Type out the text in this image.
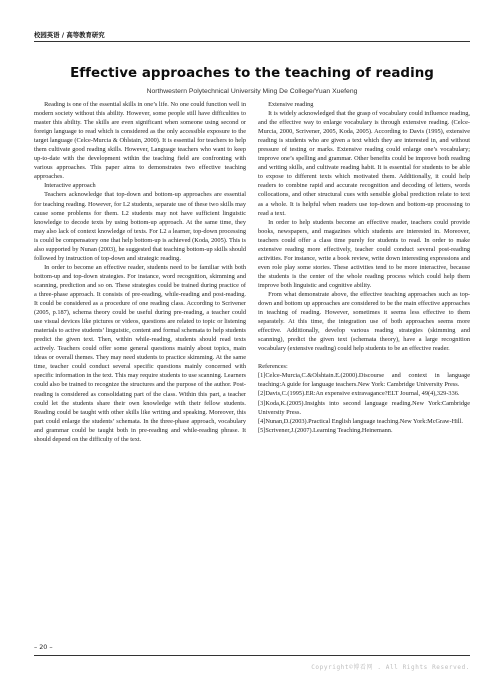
校园英语 / 高等教育研究
Effective approaches to the teaching of reading
Northwestern Polytechnical University Ming De College/Yuan Xuefeng

Reading is one of the essential skills in one’s life. No one could function well in modern society without this ability. However, some people still have difficulties to master this ability. The skills are even significant when someone using second or foreign language to read which is considered as the only accessible exposure to the target language (Celce-Murcia & Ohlstain, 2000). It is essential for teachers to help them cultivate good reading skills. However, Language teachers who want to keep up-to-date with the development within the teaching field are confronting with various approaches. This paper aims to demonstrates two effective teaching approaches.

Interactive approach

Teachers acknowledge that top-down and bottom-up approaches are essential for teaching reading. However, for L2 students, separate use of these two skills may cause some problems for them. L2 students may not have sufficient linguistic knowledge to decode texts by using bottom-up approach. At the same time, they may also lack of context knowledge of texts. For L2 a learner, top-down processing is could be compensatory one that help bottom-up is achieved (Koda, 2005). This is also supported by Nunan (2003), he suggested that teaching bottom-up skills should followed by instruction of top-down and strategic reading.

In order to become an effective reader, students need to be familiar with both bottom-up and top-down strategies. For instance, word recognition, skimming and scanning, prediction and so on. These strategies could be trained during practice of a three-phase approach. It consists of pre-reading, while-reading and post-reading. It could be considered as a procedure of one reading class. According to Scrivener (2005, p.187), schema theory could be useful during pre-reading, a teacher could use visual devices like pictures or videos, questions are related to topic or listening materials to active students’ linguistic, content and formal schemata to help students predict the given text. Then, within while-reading, students should read texts actively. Teachers could offer some general questions mainly about topics, main ideas or overall themes. They may need students to practice skimming. At the same time, teacher could conduct several specific questions mainly concerned with specific information in the text. This may require students to use scanning. Learners could also be trained to recognize the structures and the purpose of the author. Post-reading is considered as consolidating part of the class. Within this part, a teacher could let the students share their own knowledge with their fellow students. Reading could be taught with other skills like writing and speaking. Moreover, this part could enlarge the students’ schemata. In the three-phase approach, vocabulary and grammar could be taught both in pre-reading and while-reading phrase. It should depend on the difficulty of the text.

Extensive reading

It is widely acknowledged that the grasp of vocabulary could influence reading, and the effective way to enlarge vocabulary is through extensive reading. (Celce-Murcia, 2000, Scrivener, 2005, Koda, 2005). According to Davis (1995), extensive reading is students who are given a text which they are interested in, and without pressure of testing or marks. Extensive reading could enlarge one’s vocabulary; improve one’s spelling and grammar. Other benefits could be improve both reading and writing skills, and cultivate reading habit. It is essential for students to be able to expose to different texts which motivated them. Additionally, it could help readers to combine rapid and accurate recognition and decoding of letters, words collocations, and other structural cues with sensible global prediction relate to text as a whole. It is helpful when readers use top-down and bottom-up processing to read a text.

In order to help students become an effective reader, teachers could provide books, newspapers, and magazines which students are interested in. Moreover, teachers could offer a class time purely for students to read. In order to make extensive reading more effectively, teacher could conduct several post-reading activities. For instance, write a book review, write down interesting expressions and even role play some stories. These activities tend to be more interactive, because the students is the center of the whole reading process which could help them improve both linguistic and cognitive ability.

From what demonstrate above, the effective teaching approaches such as top-down and bottom up approaches are considered to be the main effective approaches in teaching of reading. However, sometimes it seems less effective to them separately. At this time, the integration use of both approaches seems more effective. Additionally, develop various reading strategies (skimming and scanning), predict the given text (schemata theory), have a large recognition vocabulary (extensive reading) could help students to be an effective reader.

References:

[1]Celce-Murcia,C.&Olshtain.E.(2000).Discourse and context in language teaching:A guide for language teachers.New York: Cambridge University Press.

[2]Davis,C.(1995).ER:An expensive extravagance?ELT Journal, 49(4),329-336.

[3]Koda,K.(2005).Insights into second language reading.New York:Cambridge University Press.

[4]Nunan,D.(2003).Practical English language teaching.New York:McGraw-Hill.

[5]Scrivener,J.(2007).Learning Teaching.Heinemann.

– 20 –
Copyright©博看网 . All Rights Reserved.
